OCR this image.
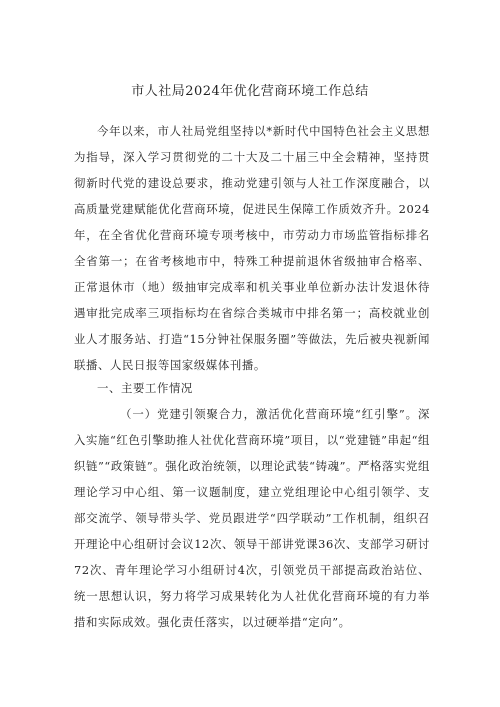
市人社局2024年优化营商环境工作总结
今年以来，市人社局党组坚持以*新时代中国特色社会主义思想为指导，深入学习贯彻党的二十大及二十届三中全会精神，坚持贯彻新时代党的建设总要求，推动党建引领与人社工作深度融合，以高质量党建赋能优化营商环境，促进民生保障工作质效齐升。2024年，在全省优化营商环境专项考核中，市劳动力市场监管指标排名全省第一；在省考核地市中，特殊工种提前退休省级抽审合格率、正常退休市（地）级抽审完成率和机关事业单位新办法计发退休待遇审批完成率三项指标均在省综合类城市中排名第一；高校就业创业人才服务站、打造“15分钟社保服务圈”等做法，先后被央视新闻联播、人民日报等国家级媒体刊播。
一、主要工作情况
（一）党建引领聚合力，激活优化营商环境“红引擎”。深入实施“红色引擎助推人社优化营商环境”项目，以“党建链”串起“组织链”“政策链”。强化政治统领，以理论武装“铸魂”。严格落实党组理论学习中心组、第一议题制度，建立党组理论中心组引领学、支部交流学、领导带头学、党员跟进学“四学联动”工作机制，组织召开理论中心组研讨会议12次、领导干部讲党课36次、支部学习研讨72次、青年理论学习小组研讨4次，引领党员干部提高政治站位、统一思想认识，努力将学习成果转化为人社优化营商环境的有力举措和实际成效。强化责任落实，以过硬举措“定向”。
